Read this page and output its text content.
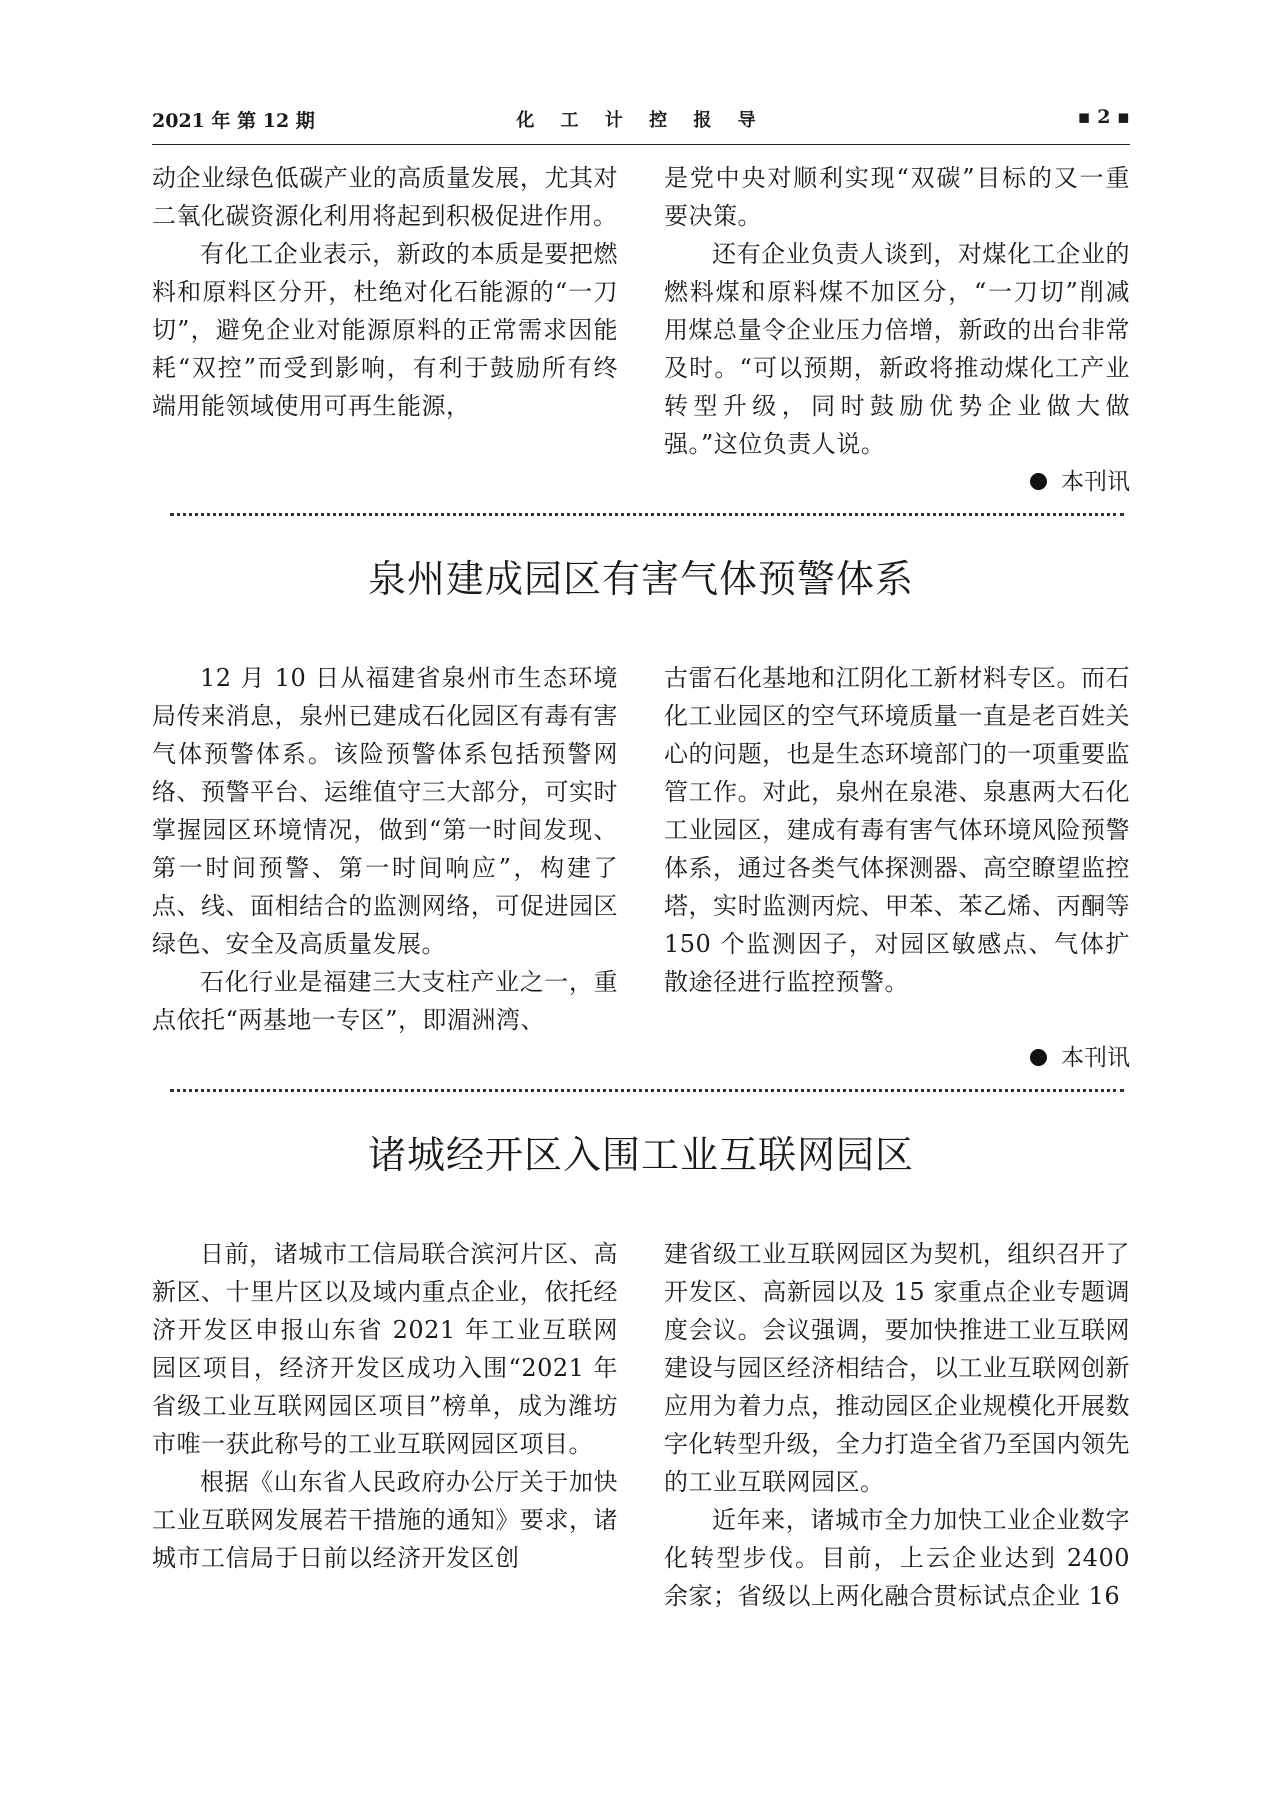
2021 年 第 12 期	化 工 计 控 报 导	▪ 2 ▪

动企业绿色低碳产业的高质量发展，尤其对二氧化碳资源化利用将起到积极促进作用。

有化工企业表示，新政的本质是要把燃料和原料区分开，杜绝对化石能源的“一刀切”，避免企业对能源原料的正常需求因能耗“双控”而受到影响，有利于鼓励所有终端用能领域使用可再生能源，

是党中央对顺利实现“双碳”目标的又一重要决策。

还有企业负责人谈到，对煤化工企业的燃料煤和原料煤不加区分，“一刀切”削减用煤总量令企业压力倍增，新政的出台非常及时。“可以预期，新政将推动煤化工产业转型升级，同时鼓励优势企业做大做强。”这位负责人说。

本刊讯
泉州建成园区有害气体预警体系

12 月 10 日从福建省泉州市生态环境局传来消息，泉州已建成石化园区有毒有害气体预警体系。该险预警体系包括预警网络、预警平台、运维值守三大部分，可实时掌握园区环境情况，做到“第一时间发现、第一时间预警、第一时间响应”，构建了点、线、面相结合的监测网络，可促进园区绿色、安全及高质量发展。

石化行业是福建三大支柱产业之一，重点依托“两基地一专区”，即湄洲湾、

古雷石化基地和江阴化工新材料专区。而石化工业园区的空气环境质量一直是老百姓关心的问题，也是生态环境部门的一项重要监管工作。对此，泉州在泉港、泉惠两大石化工业园区，建成有毒有害气体环境风险预警体系，通过各类气体探测器、高空瞭望监控塔，实时监测丙烷、甲苯、苯乙烯、丙酮等 150 个监测因子，对园区敏感点、气体扩散途径进行监控预警。

本刊讯
诸城经开区入围工业互联网园区

日前，诸城市工信局联合滨河片区、高新区、十里片区以及域内重点企业，依托经济开发区申报山东省 2021 年工业互联网园区项目，经济开发区成功入围“2021 年省级工业互联网园区项目”榜单，成为潍坊市唯一获此称号的工业互联网园区项目。

根据《山东省人民政府办公厅关于加快工业互联网发展若干措施的通知》要求，诸城市工信局于日前以经济开发区创

建省级工业互联网园区为契机，组织召开了开发区、高新园以及 15 家重点企业专题调度会议。会议强调，要加快推进工业互联网建设与园区经济相结合，以工业互联网创新应用为着力点，推动园区企业规模化开展数字化转型升级，全力打造全省乃至国内领先的工业互联网园区。

近年来，诸城市全力加快工业企业数字化转型步伐。目前，上云企业达到 2400 余家；省级以上两化融合贯标试点企业 16
